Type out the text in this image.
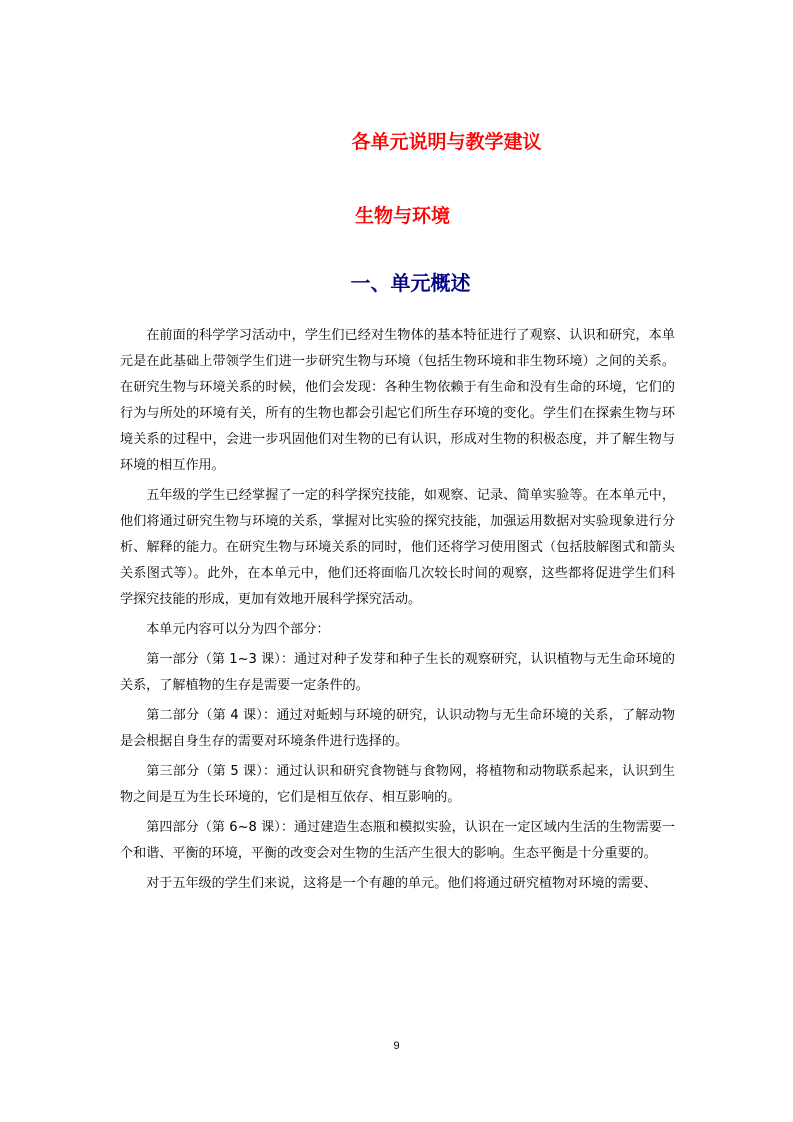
各单元说明与教学建议
生物与环境
一、单元概述

在前面的科学学习活动中，学生们已经对生物体的基本特征进行了观察、认识和研究，本单元是在此基础上带领学生们进一步研究生物与环境（包括生物环境和非生物环境）之间的关系。在研究生物与环境关系的时候，他们会发现：各种生物依赖于有生命和没有生命的环境，它们的行为与所处的环境有关，所有的生物也都会引起它们所生存环境的变化。学生们在探索生物与环境关系的过程中，会进一步巩固他们对生物的已有认识，形成对生物的积极态度，并了解生物与环境的相互作用。

五年级的学生已经掌握了一定的科学探究技能，如观察、记录、简单实验等。在本单元中，他们将通过研究生物与环境的关系，掌握对比实验的探究技能，加强运用数据对实验现象进行分析、解释的能力。在研究生物与环境关系的同时，他们还将学习使用图式（包括肢解图式和箭头关系图式等）。此外，在本单元中，他们还将面临几次较长时间的观察，这些都将促进学生们科学探究技能的形成，更加有效地开展科学探究活动。

本单元内容可以分为四个部分：

第一部分（第 1~3 课）：通过对种子发芽和种子生长的观察研究，认识植物与无生命环境的关系，了解植物的生存是需要一定条件的。

第二部分（第 4 课）：通过对蚯蚓与环境的研究，认识动物与无生命环境的关系，了解动物是会根据自身生存的需要对环境条件进行选择的。

第三部分（第 5 课）：通过认识和研究食物链与食物网，将植物和动物联系起来，认识到生物之间是互为生长环境的，它们是相互依存、相互影响的。

第四部分（第 6~8 课）：通过建造生态瓶和模拟实验，认识在一定区域内生活的生物需要一个和谐、平衡的环境，平衡的改变会对生物的生活产生很大的影响。生态平衡是十分重要的。

对于五年级的学生们来说，这将是一个有趣的单元。他们将通过研究植物对环境的需要、

9
